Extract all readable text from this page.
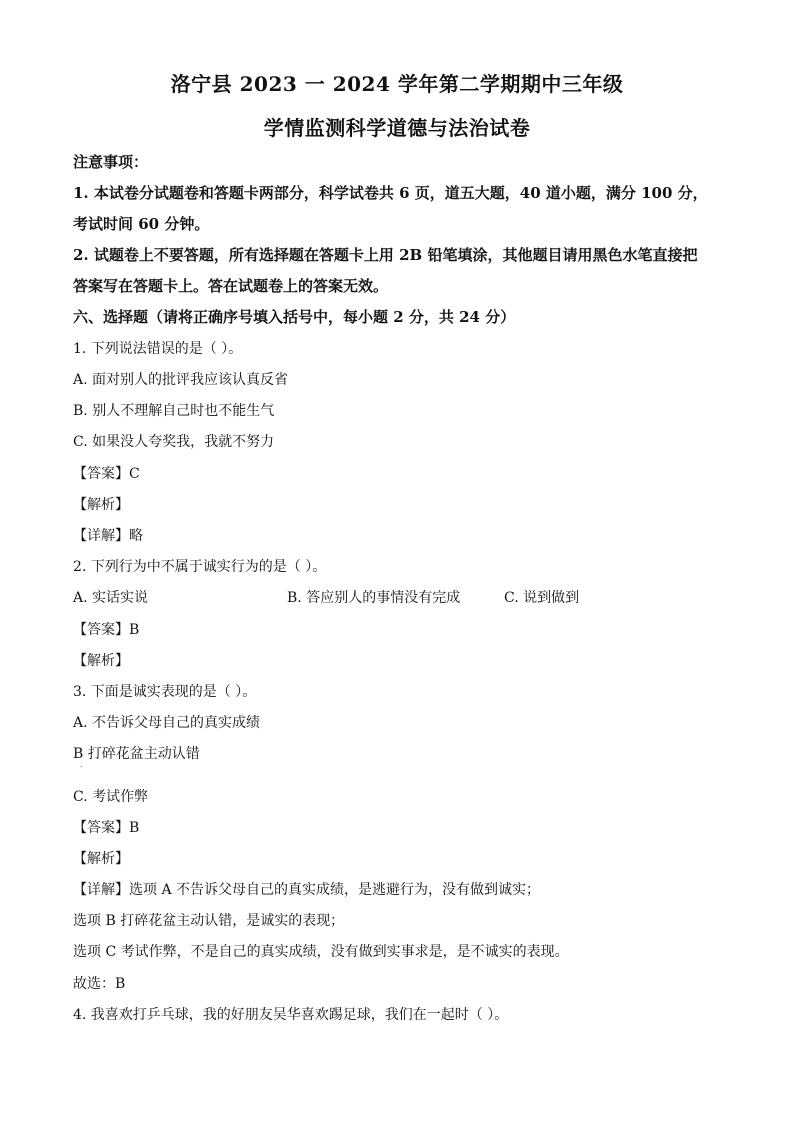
洛宁县 2023 一 2024 学年第二学期期中三年级
学情监测科学道德与法治试卷
注意事项：
1. 本试卷分试题卷和答题卡两部分，科学试卷共 6 页，道五大题，40 道小题，满分 100 分，
考试时间 60 分钟。
2. 试题卷上不要答题，所有选择题在答题卡上用 2B 铅笔填涂，其他题目请用黑色水笔直接把
答案写在答题卡上。答在试题卷上的答案无效。
六、选择题（请将正确序号填入括号中，每小题 2 分，共 24 分）
1. 下列说法错误的是（ ）。
A. 面对别人的批评我应该认真反省
B. 别人不理解自己时也不能生气
C. 如果没人夸奖我，我就不努力
【答案】C
【解析】
【详解】略
2. 下列行为中不属于诚实行为的是（ ）。
A. 实话实说	B. 答应别人的事情没有完成	C. 说到做到
【答案】B
【解析】
3. 下面是诚实表现的是（ ）。
A. 不告诉父母自己的真实成绩
B 打碎花盆主动认错
.
C. 考试作弊
【答案】B
【解析】
【详解】选项 A 不告诉父母自己的真实成绩，是逃避行为，没有做到诚实；
选项 B 打碎花盆主动认错，是诚实的表现；
选项 C 考试作弊，不是自己的真实成绩，没有做到实事求是，是不诚实的表现。
故选：B
4. 我喜欢打乒乓球，我的好朋友吴华喜欢踢足球，我们在一起时（ ）。
